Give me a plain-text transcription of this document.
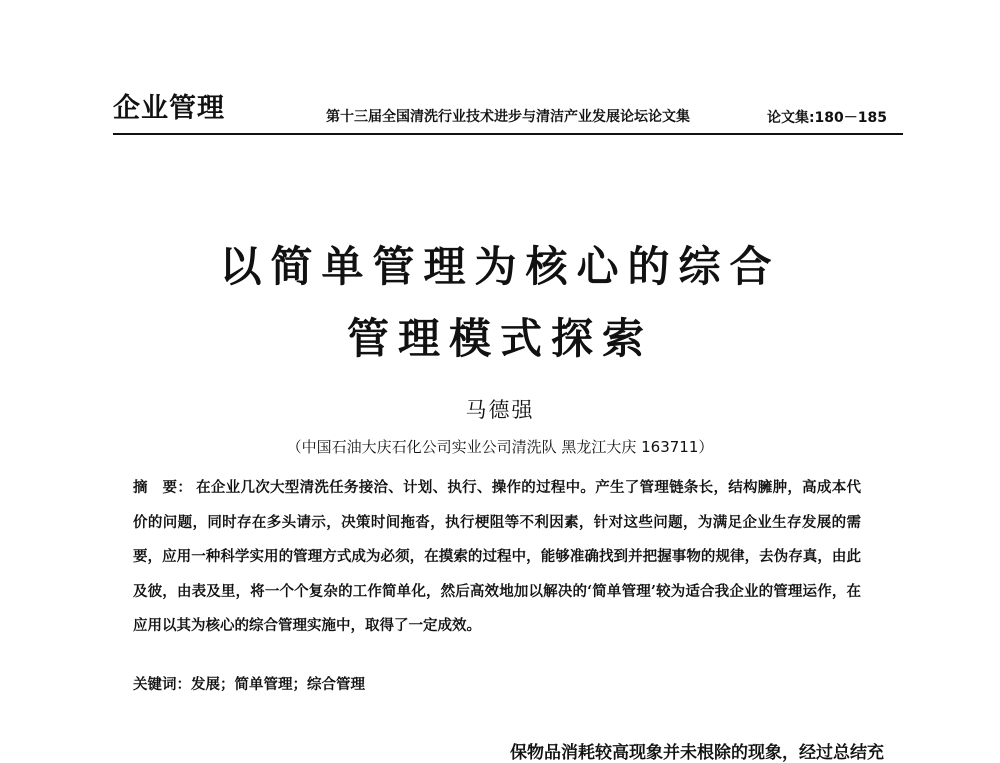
企业管理	第十三届全国清洗行业技术进步与清洁产业发展论坛论文集	论文集:180－185
以简单管理为核心的综合
管理模式探索
马德强
（中国石油大庆石化公司实业公司清洗队 黑龙江大庆 163711）
摘　要： 在企业几次大型清洗任务接洽、计划、执行、操作的过程中。产生了管理链条长，结构臃肿，高成本代价的问题，同时存在多头请示，决策时间拖沓，执行梗阻等不利因素，针对这些问题，为满足企业生存发展的需要，应用一种科学实用的管理方式成为必须，在摸索的过程中，能够准确找到并把握事物的规律，去伪存真，由此及彼，由表及里，将一个个复杂的工作简单化，然后高效地加以解决的‘简单管理’较为适合我企业的管理运作，在应用以其为核心的综合管理实施中，取得了一定成效。
关键词：发展；简单管理；综合管理
保物品消耗较高现象并未根除的现象，经过总结充
